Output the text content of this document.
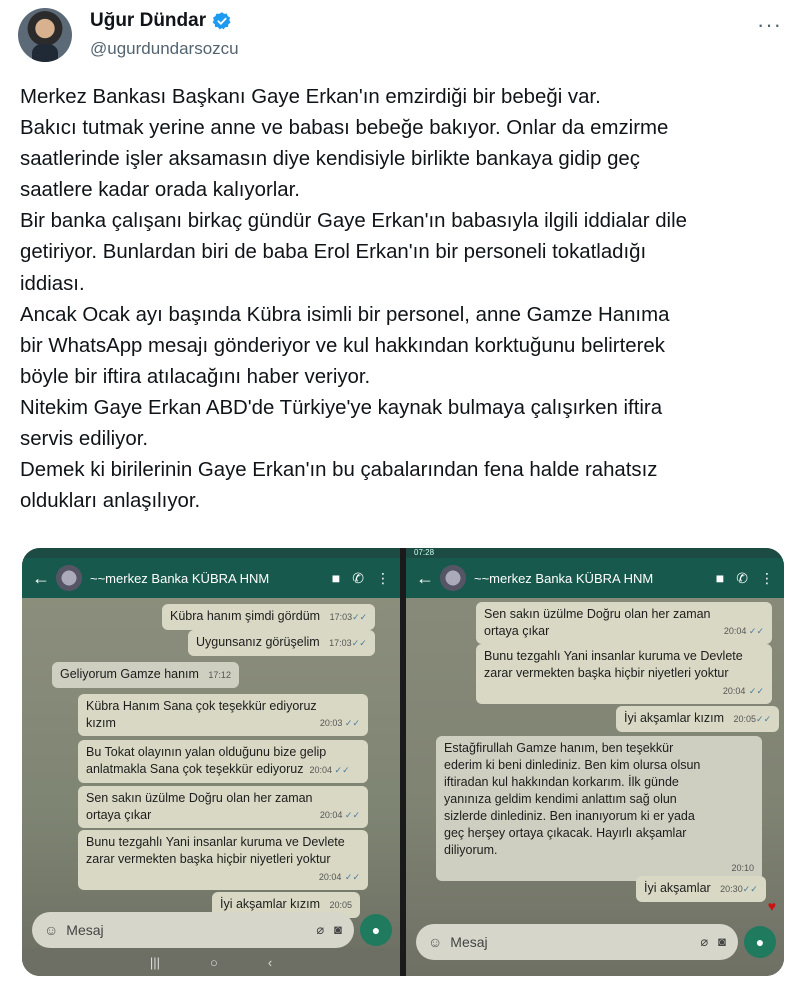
Uğur Dündar
@ugurdundarsozcu
···

Merkez Bankası Başkanı Gaye Erkan'ın emzirdiği bir bebeği var.

Bakıcı tutmak yerine anne ve babası bebeğe bakıyor. Onlar da emzirme

saatlerinde işler aksamasın diye kendisiyle birlikte bankaya gidip geç

saatlere kadar orada kalıyorlar.

Bir banka çalışanı birkaç gündür Gaye Erkan'ın babasıyla ilgili iddialar dile

getiriyor. Bunlardan biri de baba Erol Erkan'ın bir personeli tokatladığı

iddiası.

Ancak Ocak ayı başında Kübra isimli bir personel, anne Gamze Hanıma

bir WhatsApp mesajı gönderiyor ve kul hakkından korktuğunu belirterek

böyle bir iftira atılacağını haber veriyor.

Nitekim Gaye Erkan ABD'de Türkiye'ye kaynak bulmaya çalışırken iftira

servis ediliyor.

Demek ki birilerinin Gaye Erkan'ın bu çabalarından fena halde rahatsız

oldukları anlaşılıyor.

←	~~merkez Banka KÜBRA HNM	■ ✆ ⋮
Kübra hanım şimdi gördüm 17:03✓✓
Uygunsanız görüşelim 17:03✓✓
Geliyorum Gamze hanım 17:12
Kübra Hanım Sana çok teşekkür ediyoruz
kızım	20:03 ✓✓
Bu Tokat olayının yalan olduğunu bize gelip
anlatmakla Sana çok teşekkür ediyoruz 20:04 ✓✓
Sen sakın üzülme Doğru olan her zaman
ortaya çıkar	20:04 ✓✓
Bunu tezgahlı Yani insanlar kuruma ve Devlete
zarar vermekten başka hiçbir niyetleri yoktur
20:04 ✓✓
İyi akşamlar kızım 20:05
☺ Mesaj	⌀ ◙ ●
|||	○	‹
07:28
←	~~merkez Banka KÜBRA HNM	■ ✆ ⋮
Sen sakın üzülme Doğru olan her zaman
ortaya çıkar	20:04 ✓✓
Bunu tezgahlı Yani insanlar kuruma ve Devlete
zarar vermekten başka hiçbir niyetleri yoktur
20:04 ✓✓
İyi akşamlar kızım 20:05✓✓
Estağfirullah Gamze hanım, ben teşekkür
ederim ki beni dinlediniz. Ben kim olursa olsun
iftiradan kul hakkından korkarım. İlk günde
yanınıza geldim kendimi anlattım sağ olun
sizlerde dinlediniz. Ben inanıyorum ki er yada
geç herşey ortaya çıkacak. Hayırlı akşamlar
diliyorum.
20:10
İyi akşamlar 20:30✓✓
♥
☺ Mesaj	⌀ ◙ ●
